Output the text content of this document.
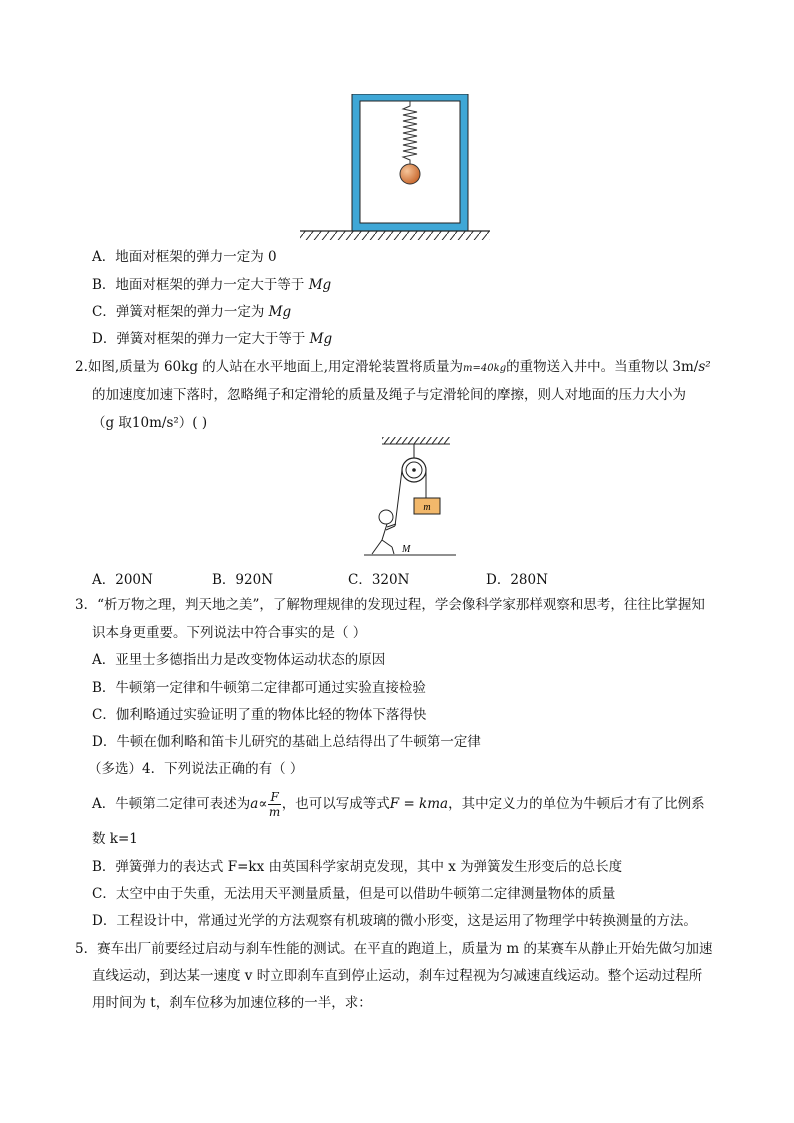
A．地面对框架的弹力一定为 0
B．地面对框架的弹力一定大于等于 Mg
C．弹簧对框架的弹力一定为 Mg
D．弹簧对框架的弹力一定大于等于 Mg
2.如图,质量为 60kg 的人站在水平地面上,用定滑轮装置将质量为m=40kg的重物送入井中。当重物以 3m/s²
的加速度加速下落时，忽略绳子和定滑轮的质量及绳子与定滑轮间的摩擦，则人对地面的压力大小为
（g 取10m/s²）( )
m
M
A．200N	B．920N	C．320N	D．280N
3．“析万物之理，判天地之美”，了解物理规律的发现过程，学会像科学家那样观察和思考，往往比掌握知
识本身更重要。下列说法中符合事实的是（ ）
A．亚里士多德指出力是改变物体运动状态的原因
B．牛顿第一定律和牛顿第二定律都可通过实验直接检验
C．伽利略通过实验证明了重的物体比轻的物体下落得快
D．牛顿在伽利略和笛卡儿研究的基础上总结得出了牛顿第一定律
（多选）4．下列说法正确的有（ ）
A．牛顿第二定律可表述为$a\propto \frac{F}{m}$ ，也可以写成等式F = kma，其中定义力的单位为牛顿后才有了比例系
数 k=1
B．弹簧弹力的表达式 F=kx 由英国科学家胡克发现，其中 x 为弹簧发生形变后的总长度
C．太空中由于失重，无法用天平测量质量，但是可以借助牛顿第二定律测量物体的质量
D．工程设计中，常通过光学的方法观察有机玻璃的微小形变，这是运用了物理学中转换测量的方法。
5．赛车出厂前要经过启动与刹车性能的测试。在平直的跑道上，质量为 m 的某赛车从静止开始先做匀加速
直线运动，到达某一速度 v 时立即刹车直到停止运动，刹车过程视为匀减速直线运动。整个运动过程所
用时间为 t，刹车位移为加速位移的一半，求：
